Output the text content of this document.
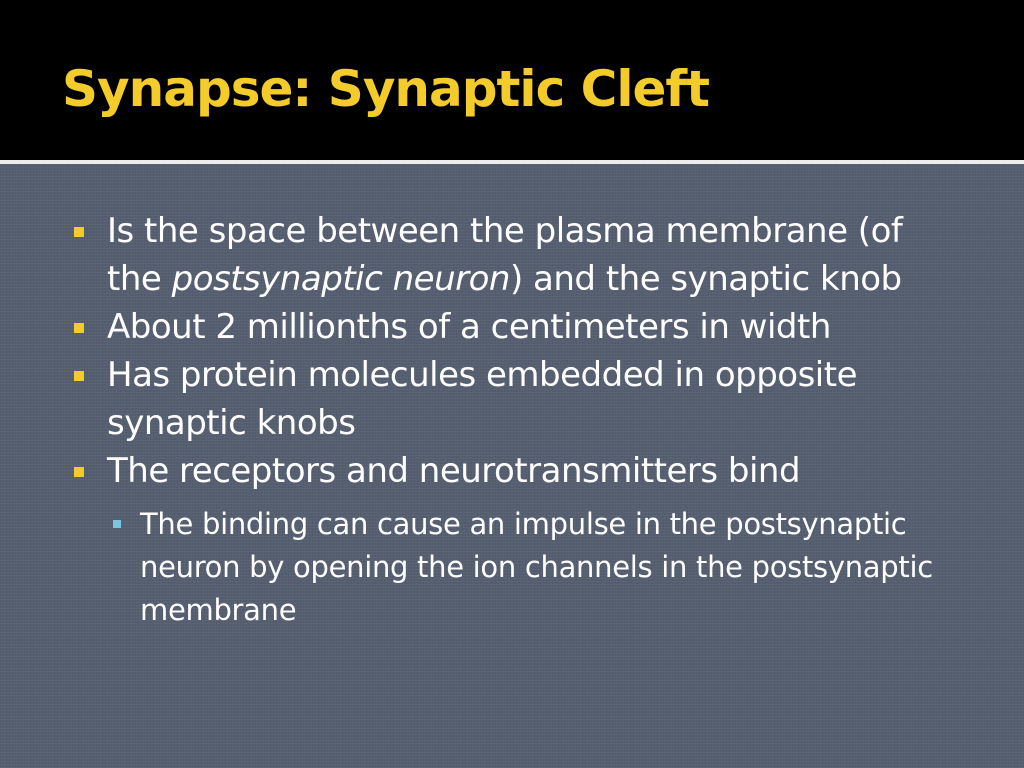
Synapse: Synaptic Cleft
Is the space between the plasma membrane (of the postsynaptic neuron) and the synaptic knob
About 2 millionths of a centimeters in width
Has protein molecules embedded in opposite synaptic knobs
The receptors and neurotransmitters bind
The binding can cause an impulse in the postsynaptic neuron by opening the ion channels in the postsynaptic membrane
